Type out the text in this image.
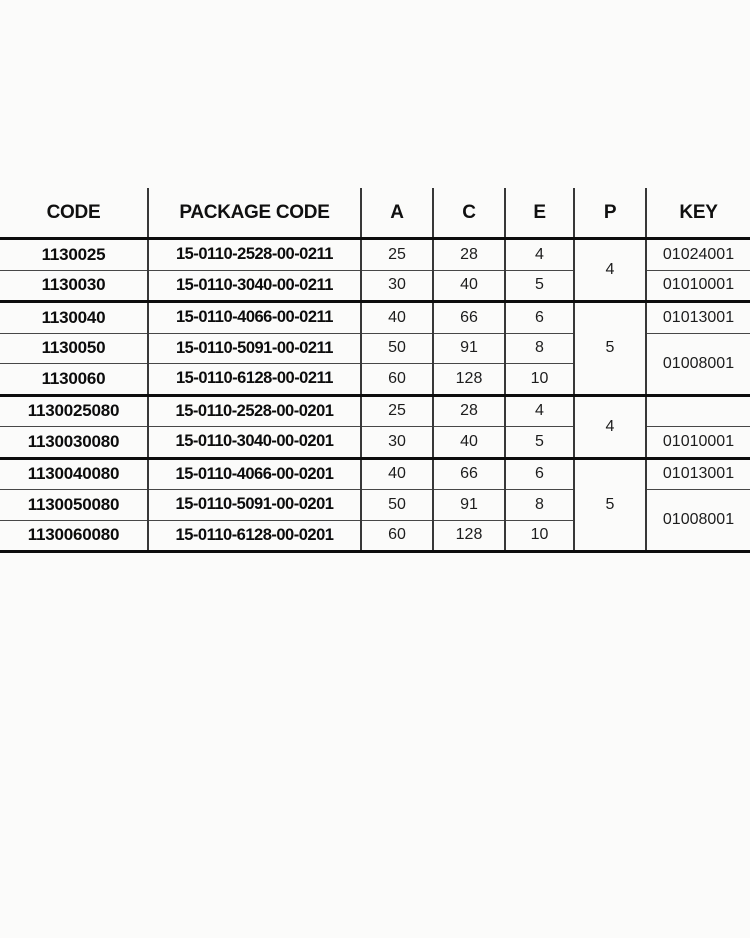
CODE	PACKAGE CODE	A	C	E	P	KEY
1130025	15-0110-2528-00-0211	25	28	4	4	01024001
1130030	15-0110-3040-00-0211	30	40	5		01010001
1130040	15-0110-4066-00-0211	40	66	6	5	01013001
1130050	15-0110-5091-00-0211	50	91	8		01008001
1130060	15-0110-6128-00-0211	60	128	10		
1130025080	15-0110-2528-00-0201	25	28	4	4	
1130030080	15-0110-3040-00-0201	30	40	5		01010001
1130040080	15-0110-4066-00-0201	40	66	6	5	01013001
1130050080	15-0110-5091-00-0201	50	91	8		01008001
1130060080	15-0110-6128-00-0201	60	128	10		
